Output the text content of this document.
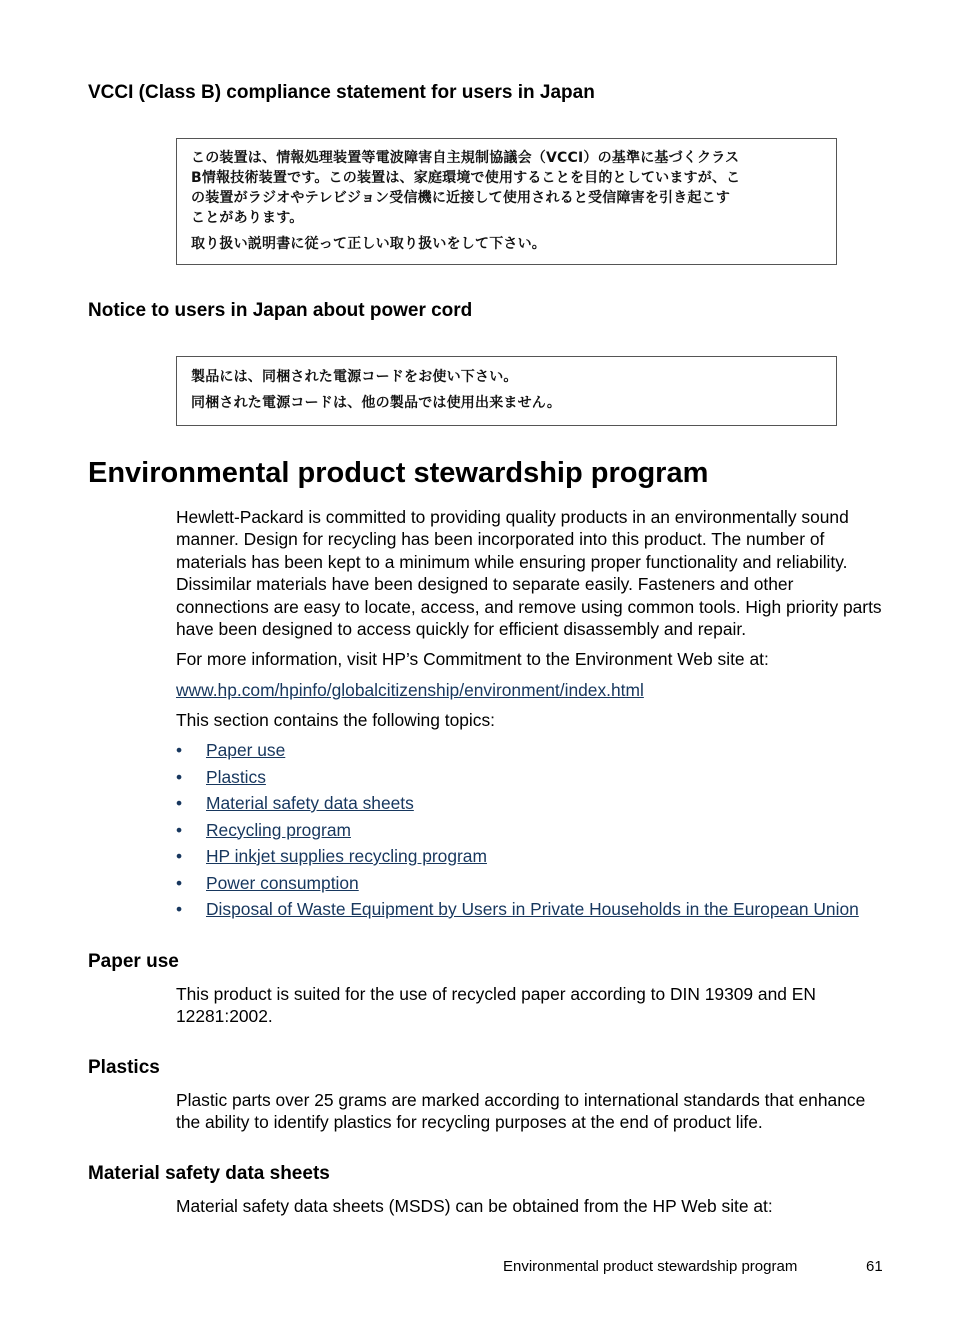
VCCI (Class B) compliance statement for users in Japan
この装置は、情報処理装置等電波障害自主規制協議会（VCCI）の基準に基づくクラス
B情報技術装置です。この装置は、家庭環境で使用することを目的としていますが、こ
の装置がラジオやテレビジョン受信機に近接して使用されると受信障害を引き起こす
ことがあります。
取り扱い説明書に従って正しい取り扱いをして下さい。
Notice to users in Japan about power cord
製品には、同梱された電源コードをお使い下さい。
同梱された電源コードは、他の製品では使用出来ません。
Environmental product stewardship program

Hewlett-Packard is committed to providing quality products in an environmentally sound manner. Design for recycling has been incorporated into this product. The number of materials has been kept to a minimum while ensuring proper functionality and reliability. Dissimilar materials have been designed to separate easily. Fasteners and other connections are easy to locate, access, and remove using common tools. High priority parts have been designed to access quickly for efficient disassembly and repair.

For more information, visit HP’s Commitment to the Environment Web site at:

www.hp.com/hpinfo/globalcitizenship/environment/index.html

This section contains the following topics:

• Paper use
• Plastics
• Material safety data sheets
• Recycling program
• HP inkjet supplies recycling program
• Power consumption
• Disposal of Waste Equipment by Users in Private Households in the European Union
Paper use

This product is suited for the use of recycled paper according to DIN 19309 and EN 12281:2002.

Plastics

Plastic parts over 25 grams are marked according to international standards that enhance the ability to identify plastics for recycling purposes at the end of product life.

Material safety data sheets

Material safety data sheets (MSDS) can be obtained from the HP Web site at:

Environmental product stewardship program	61
